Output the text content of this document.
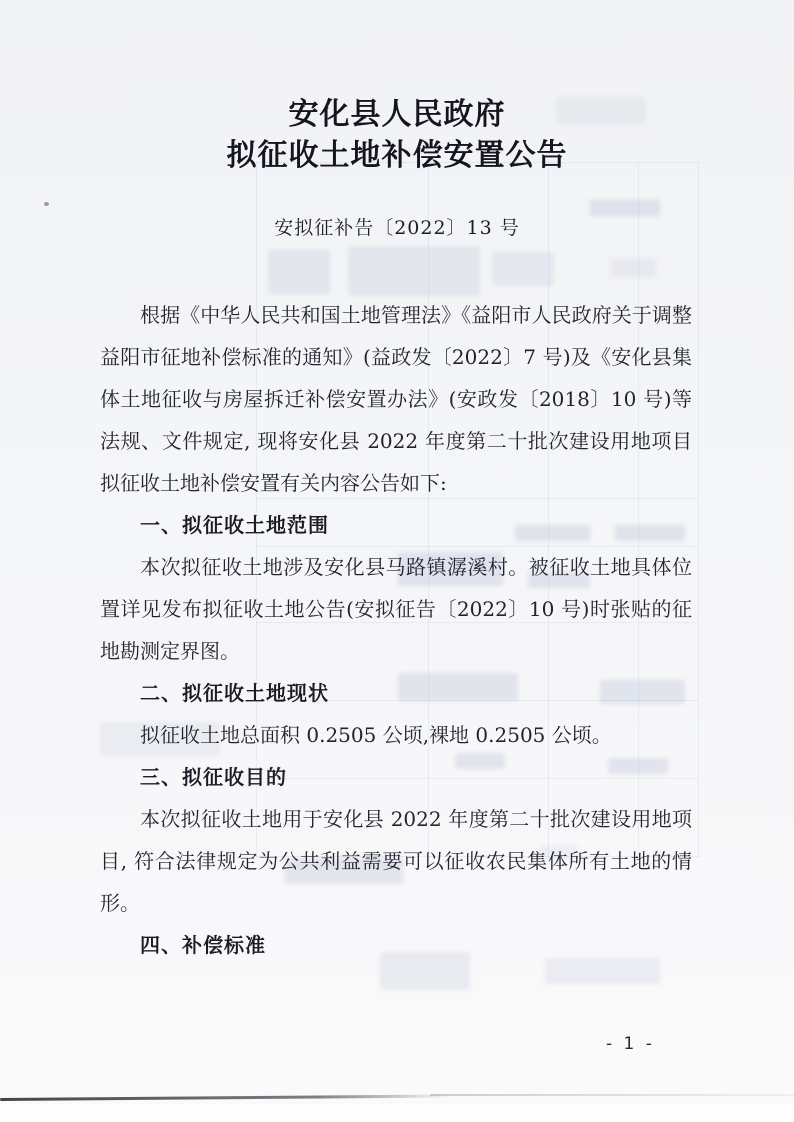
安化县人民政府
拟征收土地补偿安置公告
安拟征补告〔2022〕13 号

根据《中华人民共和国土地管理法》《益阳市人民政府关于调整益阳市征地补偿标准的通知》(益政发〔2022〕7 号)及《安化县集体土地征收与房屋拆迁补偿安置办法》(安政发〔2018〕10 号)等法规、文件规定, 现将安化县 2022 年度第二十批次建设用地项目拟征收土地补偿安置有关内容公告如下:

一、拟征收土地范围

本次拟征收土地涉及安化县马路镇潺溪村。被征收土地具体位置详见发布拟征收土地公告(安拟征告〔2022〕10 号)时张贴的征地勘测定界图。

二、拟征收土地现状

拟征收土地总面积 0.2505 公顷,裸地 0.2505 公顷。

三、拟征收目的

本次拟征收土地用于安化县 2022 年度第二十批次建设用地项目, 符合法律规定为公共利益需要可以征收农民集体所有土地的情形。

四、补偿标准
- 1 -
